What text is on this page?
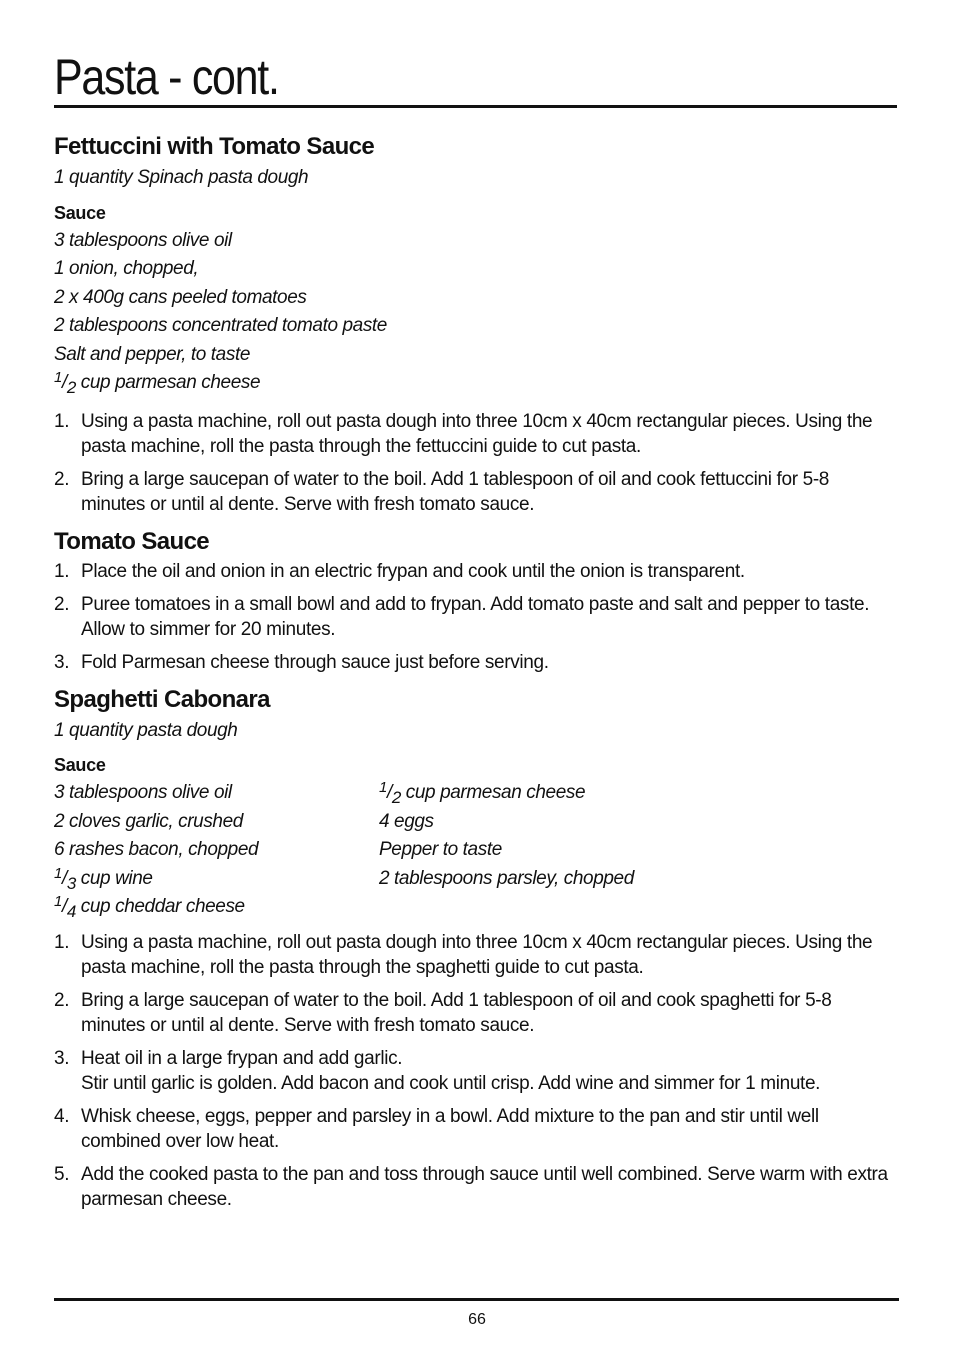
Pasta - cont.
Fettuccini with Tomato Sauce
1 quantity Spinach pasta dough
Sauce
3 tablespoons olive oil
1 onion, chopped,
2 x 400g cans peeled tomatoes
2 tablespoons concentrated tomato paste
Salt and pepper, to taste
$^1/_2$ cup parmesan cheese
1. Using a pasta machine, roll out pasta dough into three 10cm x 40cm rectangular pieces. Using the pasta machine, roll the pasta through the fettuccini guide to cut pasta.
2. Bring a large saucepan of water to the boil. Add 1 tablespoon of oil and cook fettuccini for 5-8 minutes or until al dente. Serve with fresh tomato sauce.
Tomato Sauce
1. Place the oil and onion in an electric frypan and cook until the onion is transparent.
2. Puree tomatoes in a small bowl and add to frypan. Add tomato paste and salt and pepper to taste. Allow to simmer for 20 minutes.
3. Fold Parmesan cheese through sauce just before serving.
Spaghetti Cabonara
1 quantity pasta dough
Sauce
3 tablespoons olive oil
2 cloves garlic, crushed
6 rashes bacon, chopped
$^1/_3$ cup wine
$^1/_4$ cup cheddar cheese
$^1/_2$ cup parmesan cheese
4 eggs
Pepper to taste
2 tablespoons parsley, chopped
1. Using a pasta machine, roll out pasta dough into three 10cm x 40cm rectangular pieces. Using the pasta machine, roll the pasta through the spaghetti guide to cut pasta.
2. Bring a large saucepan of water to the boil. Add 1 tablespoon of oil and cook spaghetti for 5-8 minutes or until al dente. Serve with fresh tomato sauce.
3. Heat oil in a large frypan and add garlic.
Stir until garlic is golden. Add bacon and cook until crisp. Add wine and simmer for 1 minute.
4. Whisk cheese, eggs, pepper and parsley in a bowl. Add mixture to the pan and stir until well combined over low heat.
5. Add the cooked pasta to the pan and toss through sauce until well combined. Serve warm with extra parmesan cheese.
66
